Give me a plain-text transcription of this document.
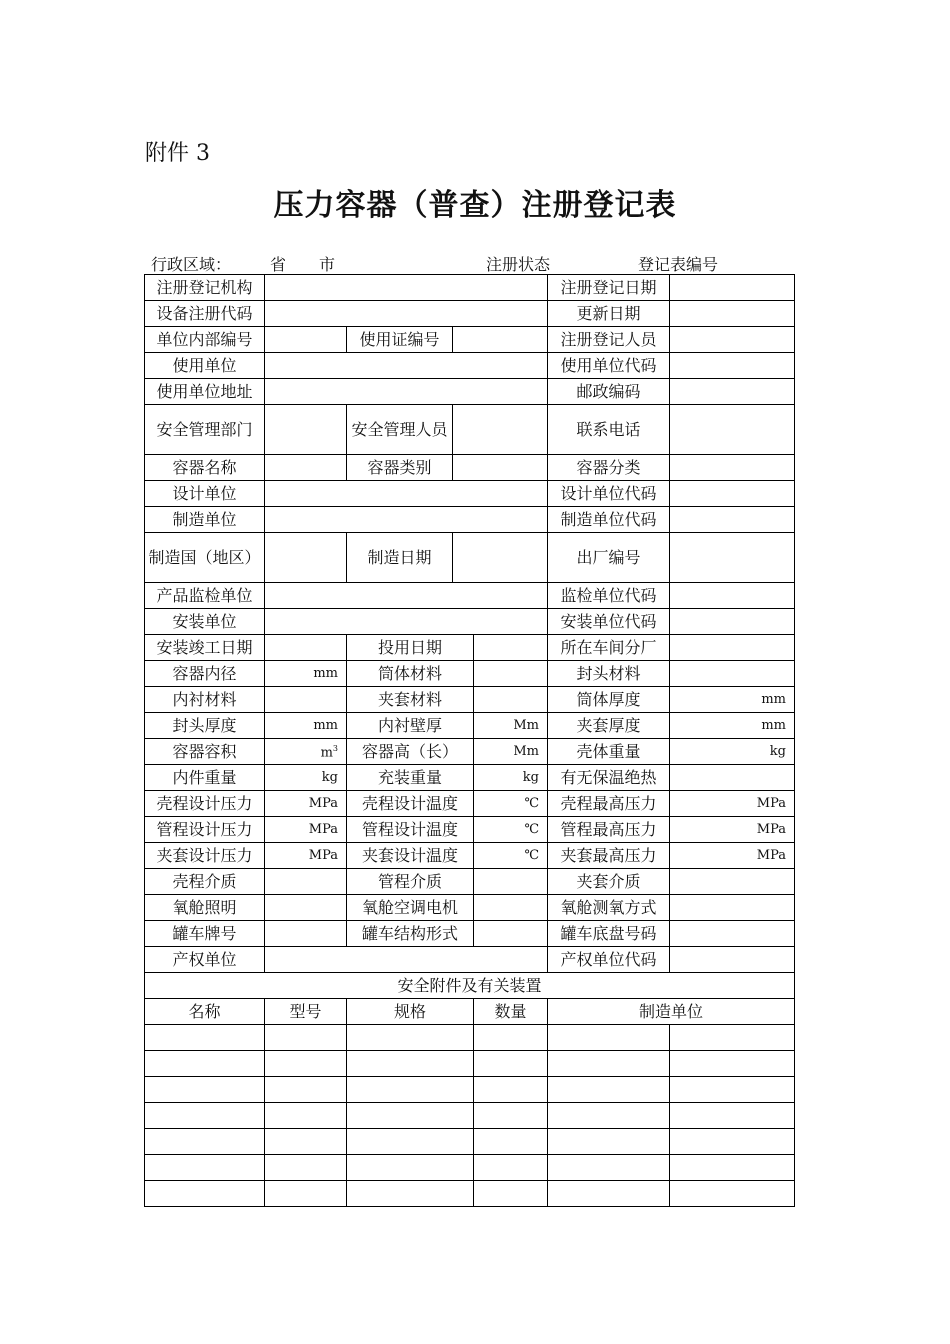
附件 3
压力容器（普查）注册登记表
行政区域： 省 市	注册状态	登记表编号
注册登记机构					注册登记日期	
设备注册代码					更新日期	
单位内部编号		使用证编号			注册登记人员	
使用单位					使用单位代码	
使用单位地址					邮政编码	
安全管理部门		安全管理人员			联系电话	
容器名称		容器类别			容器分类	
设计单位					设计单位代码	
制造单位					制造单位代码	
制造国（地区）		制造日期			出厂编号	
产品监检单位					监检单位代码	
安装单位					安装单位代码	
安装竣工日期		投用日期			所在车间分厂	
容器内径	mm	筒体材料			封头材料	
内衬材料		夹套材料			筒体厚度	mm
封头厚度	mm	内衬壁厚		Mm	夹套厚度	mm
容器容积	$m^3$	容器高（长）		Mm	壳体重量	kg
内件重量	kg	充装重量		kg	有无保温绝热	
壳程设计压力	MPa	壳程设计温度		℃	壳程最高压力	MPa
管程设计压力	MPa	管程设计温度		℃	管程最高压力	MPa
夹套设计压力	MPa	夹套设计温度		℃	夹套最高压力	MPa
壳程介质		管程介质			夹套介质	
氧舱照明		氧舱空调电机			氧舱测氧方式	
罐车牌号		罐车结构形式			罐车底盘号码	
产权单位					产权单位代码	
安全附件及有关装置						
名称	型号	规格		数量	制造单位	
